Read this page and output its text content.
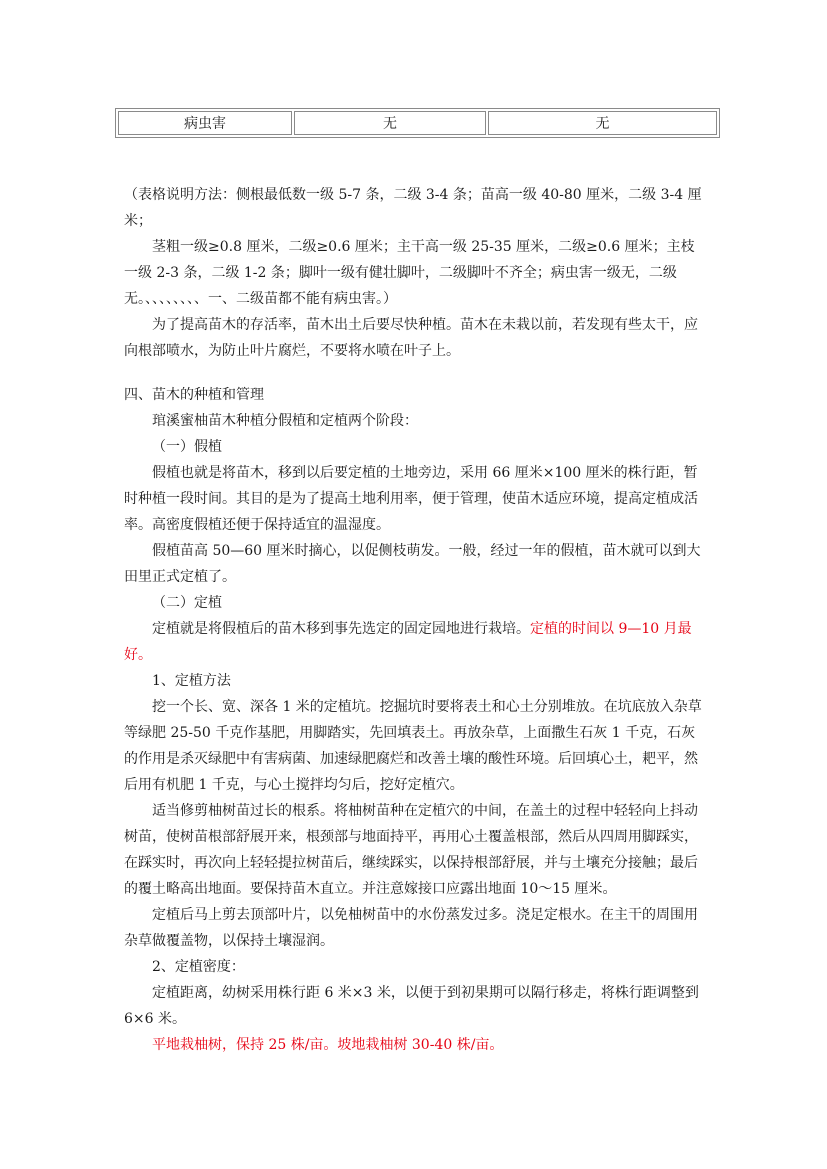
病虫害	无	无

（表格说明方法：侧根最低数一级 5-7 条，二级 3-4 条；苗高一级 40-80 厘米，二级 3-4 厘米；

茎粗一级≥0.8 厘米，二级≥0.6 厘米；主干高一级 25-35 厘米，二级≥0.6 厘米；主枝一级 2-3 条，二级 1-2 条；脚叶一级有健壮脚叶，二级脚叶不齐全；病虫害一级无，二级无。、、、、、、、、一、二级苗都不能有病虫害。）

为了提高苗木的存活率，苗木出土后要尽快种植。苗木在未栽以前，若发现有些太干，应向根部喷水，为防止叶片腐烂，不要将水喷在叶子上。

四、苗木的种植和管理

琯溪蜜柚苗木种植分假植和定植两个阶段：

（一）假植

假植也就是将苗木，移到以后要定植的土地旁边，采用 66 厘米×100 厘米的株行距，暂时种植一段时间。其目的是为了提高土地利用率，便于管理，使苗木适应环境，提高定植成活率。高密度假植还便于保持适宜的温湿度。

假植苗高 50—60 厘米时摘心，以促侧枝萌发。一般，经过一年的假植，苗木就可以到大田里正式定植了。

（二）定植

定植就是将假植后的苗木移到事先选定的固定园地进行栽培。定植的时间以 9—10 月最好。

1、定植方法

挖一个长、宽、深各 1 米的定植坑。挖掘坑时要将表土和心土分别堆放。在坑底放入杂草等绿肥 25-50 千克作基肥，用脚踏实，先回填表土。再放杂草，上面撒生石灰 1 千克，石灰的作用是杀灭绿肥中有害病菌、加速绿肥腐烂和改善土壤的酸性环境。后回填心土，耙平，然后用有机肥 1 千克，与心土搅拌均匀后，挖好定植穴。

适当修剪柚树苗过长的根系。将柚树苗种在定植穴的中间，在盖土的过程中轻轻向上抖动树苗，使树苗根部舒展开来，根颈部与地面持平，再用心土覆盖根部，然后从四周用脚踩实，在踩实时，再次向上轻轻提拉树苗后，继续踩实，以保持根部舒展，并与土壤充分接触；最后的覆土略高出地面。要保持苗木直立。并注意嫁接口应露出地面 10～15 厘米。

定植后马上剪去顶部叶片，以免柚树苗中的水份蒸发过多。浇足定根水。在主干的周围用杂草做覆盖物，以保持土壤湿润。

2、定植密度：

定植距离，幼树采用株行距 6 米×3 米，以便于到初果期可以隔行移走，将株行距调整到 6×6 米。

平地栽柚树，保持 25 株/亩。坡地栽柚树 30-40 株/亩。
